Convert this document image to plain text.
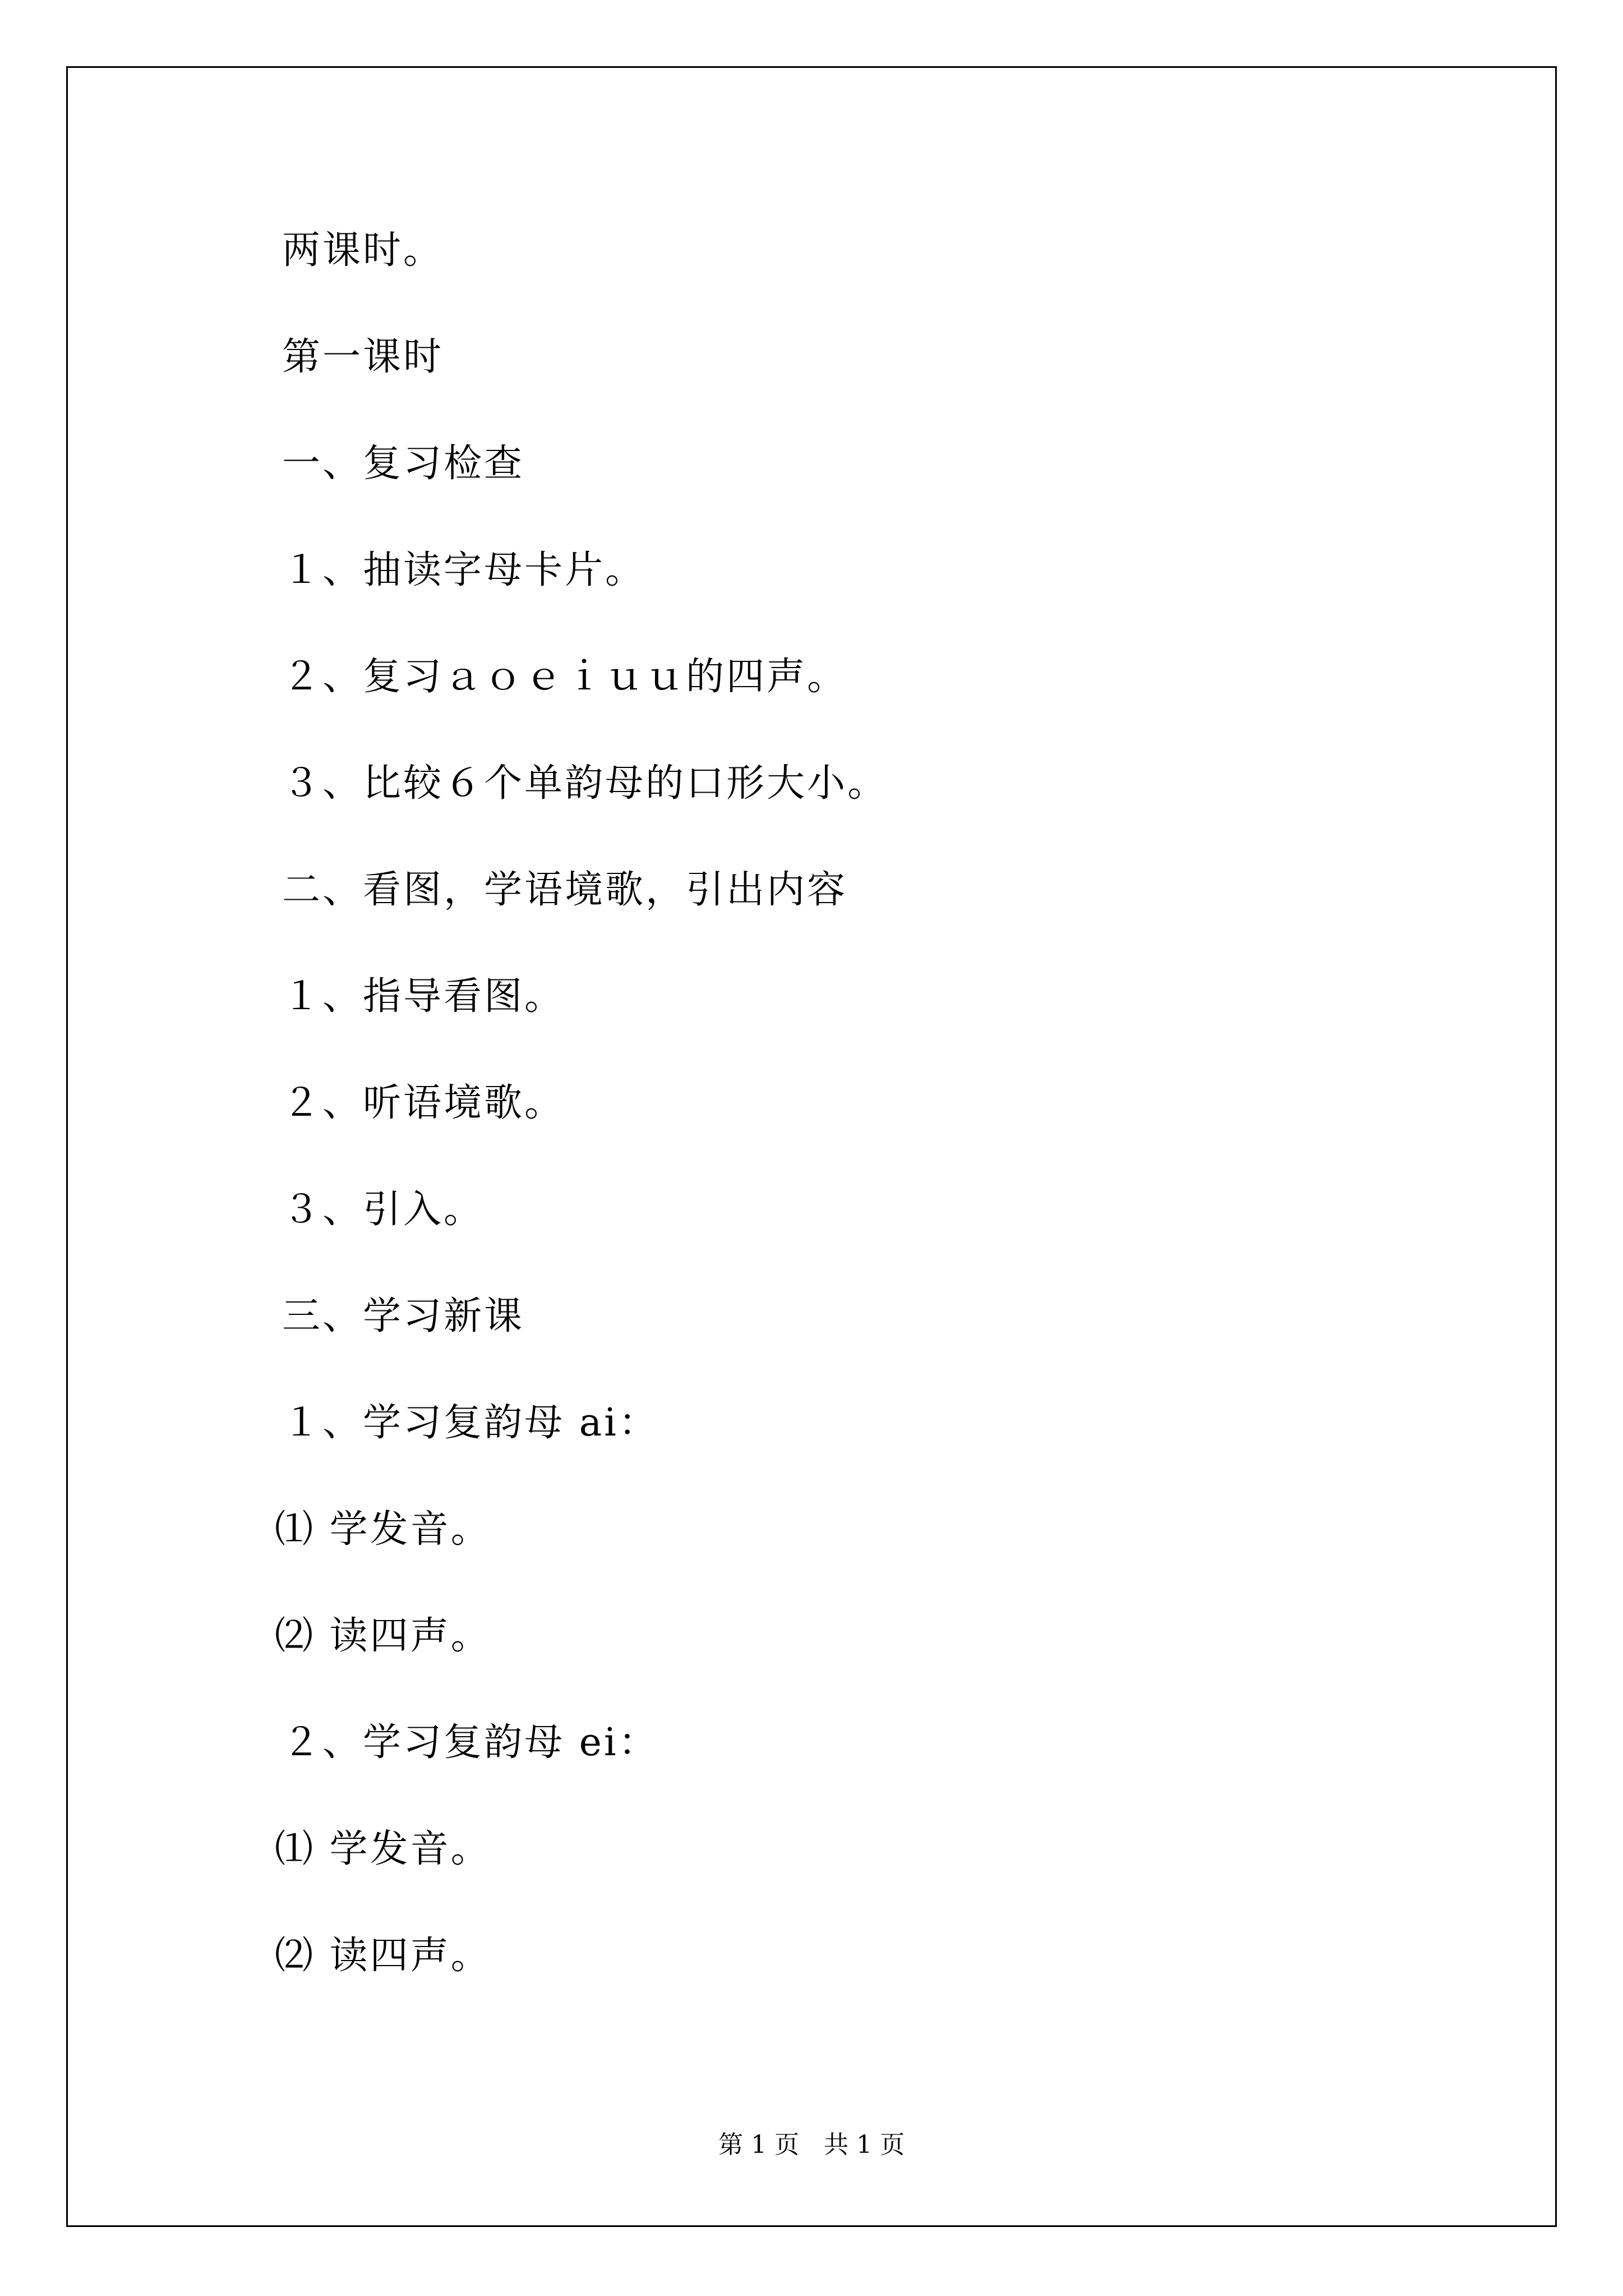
两课时。
第一课时
一、复习检查
１、抽读字母卡片。
２、复习ａｏｅｉｕｕ的四声。
３、比较６个单韵母的口形大小。
二、看图，学语境歌，引出内容
１、指导看图。
２、听语境歌。
３、引入。
三、学习新课
１、学习复韵母 ai：
⑴ 学发音。
⑵ 读四声。
２、学习复韵母 ei：
⑴ 学发音。
⑵ 读四声。
第 1 页　共 1 页
